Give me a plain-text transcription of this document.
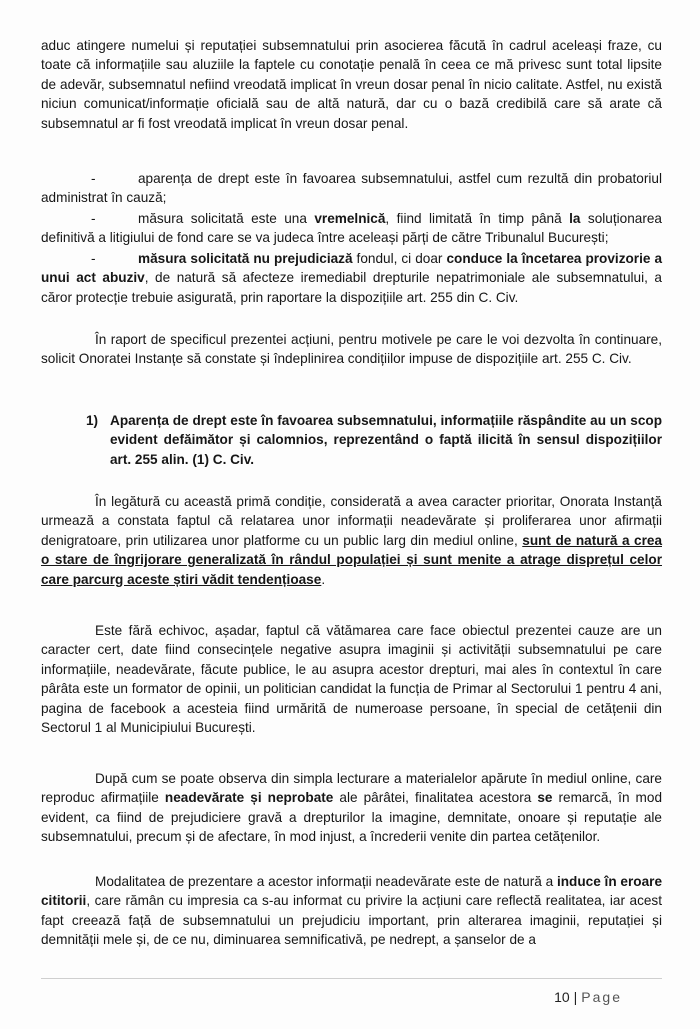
aduc atingere numelui și reputației subsemnatului prin asocierea făcută în cadrul aceleași fraze, cu toate că informațiile sau aluziile la faptele cu conotație penală în ceea ce mă privesc sunt total lipsite de adevăr, subsemnatul nefiind vreodată implicat în vreun dosar penal în nicio calitate. Astfel, nu există niciun comunicat/informație oficială sau de altă natură, dar cu o bază credibilă care să arate că subsemnatul ar fi fost vreodată implicat în vreun dosar penal.

-	aparența de drept este în favoarea subsemnatului, astfel cum rezultă din probatoriul administrat în cauză;

-	măsura solicitată este una vremelnică, fiind limitată în timp până la soluționarea definitivă a litigiului de fond care se va judeca între aceleași părți de către Tribunalul București;

-	măsura solicitată nu prejudiciază fondul, ci doar conduce la încetarea provizorie a unui act abuziv, de natură să afecteze iremediabil drepturile nepatrimoniale ale subsemnatului, a căror protecție trebuie asigurată, prin raportare la dispozițiile art. 255 din C. Civ.

În raport de specificul prezentei acțiuni, pentru motivele pe care le voi dezvolta în continuare, solicit Onoratei Instanțe să constate și îndeplinirea condițiilor impuse de dispozițiile art. 255 C. Civ.

1) Aparența de drept este în favoarea subsemnatului, informațiile răspândite au un scop evident defăimător și calomnios, reprezentând o faptă ilicită în sensul dispozițiilor art. 255 alin. (1) C. Civ.

În legătură cu această primă condiție, considerată a avea caracter prioritar, Onorata Instanță urmează a constata faptul că relatarea unor informații neadevărate și proliferarea unor afirmații denigratoare, prin utilizarea unor platforme cu un public larg din mediul online, sunt de natură a crea o stare de îngrijorare generalizată în rândul populației și sunt menite a atrage disprețul celor care parcurg aceste știri vădit tendențioase.

Este fără echivoc, așadar, faptul că vătămarea care face obiectul prezentei cauze are un caracter cert, date fiind consecințele negative asupra imaginii și activității subsemnatului pe care informațiile, neadevărate, făcute publice, le au asupra acestor drepturi, mai ales în contextul în care pârâta este un formator de opinii, un politician candidat la funcția de Primar al Sectorului 1 pentru 4 ani, pagina de facebook a acesteia fiind urmărită de numeroase persoane, în special de cetățenii din Sectorul 1 al Municipiului București.

După cum se poate observa din simpla lecturare a materialelor apărute în mediul online, care reproduc afirmațiile neadevărate și neprobate ale pârâtei, finalitatea acestora se remarcă, în mod evident, ca fiind de prejudiciere gravă a drepturilor la imagine, demnitate, onoare și reputație ale subsemnatului, precum și de afectare, în mod injust, a încrederii venite din partea cetățenilor.

Modalitatea de prezentare a acestor informații neadevărate este de natură a induce în eroare cititorii, care rămân cu impresia ca s-au informat cu privire la acțiuni care reflectă realitatea, iar acest fapt creează față de subsemnatului un prejudiciu important, prin alterarea imaginii, reputației și demnității mele și, de ce nu, diminuarea semnificativă, pe nedrept, a șanselor de a

10 | Page
